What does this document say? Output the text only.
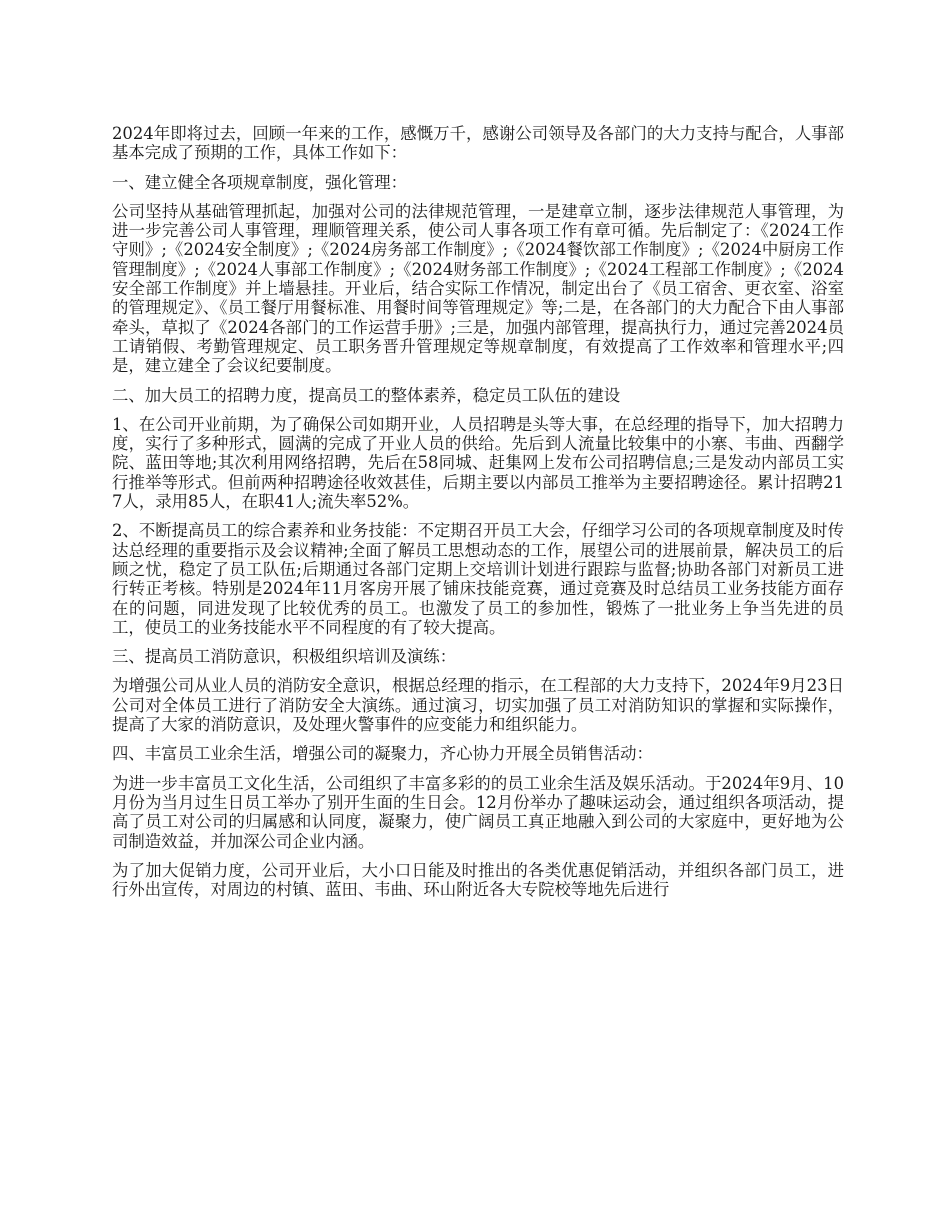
2024年即将过去，回顾一年来的工作，感慨万千，感谢公司领导及各部门的大力支持与配合，人事部基本完成了预期的工作，具体工作如下：

一、建立健全各项规章制度，强化管理：

公司坚持从基础管理抓起，加强对公司的法律规范管理，一是建章立制，逐步法律规范人事管理，为进一步完善公司人事管理，理顺管理关系，使公司人事各项工作有章可循。先后制定了：《2024工作守则》;《2024安全制度》;《2024房务部工作制度》;《2024餐饮部工作制度》;《2024中厨房工作管理制度》;《2024人事部工作制度》;《2024财务部工作制度》;《2024工程部工作制度》;《2024安全部工作制度》并上墙悬挂。开业后，结合实际工作情况，制定出台了《员工宿舍、更衣室、浴室的管理规定》、《员工餐厅用餐标准、用餐时间等管理规定》等;二是，在各部门的大力配合下由人事部牵头，草拟了《2024各部门的工作运营手册》;三是，加强内部管理，提高执行力，通过完善2024员工请销假、考勤管理规定、员工职务晋升管理规定等规章制度，有效提高了工作效率和管理水平;四是，建立建全了会议纪要制度。

二、加大员工的招聘力度，提高员工的整体素养，稳定员工队伍的建设

1、在公司开业前期，为了确保公司如期开业，人员招聘是头等大事，在总经理的指导下，加大招聘力度，实行了多种形式，圆满的完成了开业人员的供给。先后到人流量比较集中的小寨、韦曲、西翻学院、蓝田等地;其次利用网络招聘，先后在58同城、赶集网上发布公司招聘信息;三是发动内部员工实行推举等形式。但前两种招聘途径收效甚佳，后期主要以内部员工推举为主要招聘途径。累计招聘217人，录用85人，在职41人;流失率52%。

2、不断提高员工的综合素养和业务技能：不定期召开员工大会，仔细学习公司的各项规章制度及时传达总经理的重要指示及会议精神;全面了解员工思想动态的工作，展望公司的进展前景，解决员工的后顾之忧，稳定了员工队伍;后期通过各部门定期上交培训计划进行跟踪与监督;协助各部门对新员工进行转正考核。特别是2024年11月客房开展了铺床技能竞赛，通过竞赛及时总结员工业务技能方面存在的问题，同进发现了比较优秀的员工。也激发了员工的参加性，锻炼了一批业务上争当先进的员工，使员工的业务技能水平不同程度的有了较大提高。

三、提高员工消防意识，积极组织培训及演练：

为增强公司从业人员的消防安全意识，根据总经理的指示，在工程部的大力支持下，2024年9月23日公司对全体员工进行了消防安全大演练。通过演习，切实加强了员工对消防知识的掌握和实际操作，提高了大家的消防意识，及处理火警事件的应变能力和组织能力。

四、丰富员工业余生活，增强公司的凝聚力，齐心协力开展全员销售活动：

为进一步丰富员工文化生活，公司组织了丰富多彩的的员工业余生活及娱乐活动。于2024年9月、10月份为当月过生日员工举办了别开生面的生日会。12月份举办了趣味运动会，通过组织各项活动，提高了员工对公司的归属感和认同度，凝聚力，使广阔员工真正地融入到公司的大家庭中，更好地为公司制造效益，并加深公司企业内涵。

为了加大促销力度，公司开业后，大小口日能及时推出的各类优惠促销活动，并组织各部门员工，进行外出宣传，对周边的村镇、蓝田、韦曲、环山附近各大专院校等地先后进行
